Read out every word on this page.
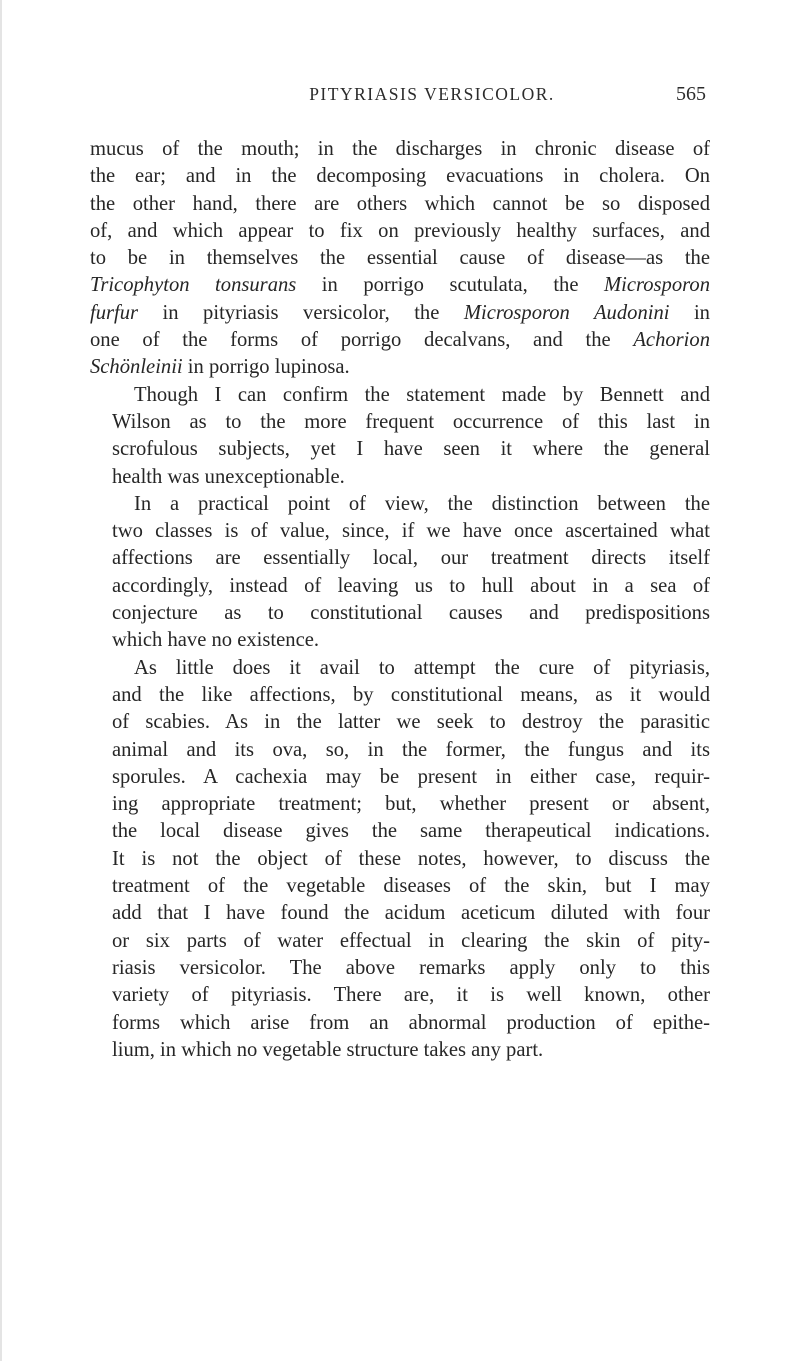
PITYRIASIS VERSICOLOR.	565

mucus of the mouth; in the discharges in chronic disease of
the ear; and in the decomposing evacuations in cholera. On
the other hand, there are others which cannot be so disposed
of, and which appear to fix on previously healthy surfaces, and
to be in themselves the essential cause of disease—as the
Tricophyton tonsurans in porrigo scutulata, the Microsporon
furfur in pityriasis versicolor, the Microsporon Audonini in
one of the forms of porrigo decalvans, and the Achorion
Schönleinii in porrigo lupinosa.

Though I can confirm the statement made by Bennett and
Wilson as to the more frequent occurrence of this last in
scrofulous subjects, yet I have seen it where the general
health was unexceptionable.

In a practical point of view, the distinction between the
two classes is of value, since, if we have once ascertained what
affections are essentially local, our treatment directs itself
accordingly, instead of leaving us to hull about in a sea of
conjecture as to constitutional causes and predispositions
which have no existence.

As little does it avail to attempt the cure of pityriasis,
and the like affections, by constitutional means, as it would
of scabies. As in the latter we seek to destroy the parasitic
animal and its ova, so, in the former, the fungus and its
sporules. A cachexia may be present in either case, requir-
ing appropriate treatment; but, whether present or absent,
the local disease gives the same therapeutical indications.
It is not the object of these notes, however, to discuss the
treatment of the vegetable diseases of the skin, but I may
add that I have found the acidum aceticum diluted with four
or six parts of water effectual in clearing the skin of pity-
riasis versicolor. The above remarks apply only to this
variety of pityriasis. There are, it is well known, other
forms which arise from an abnormal production of epithe-
lium, in which no vegetable structure takes any part.
